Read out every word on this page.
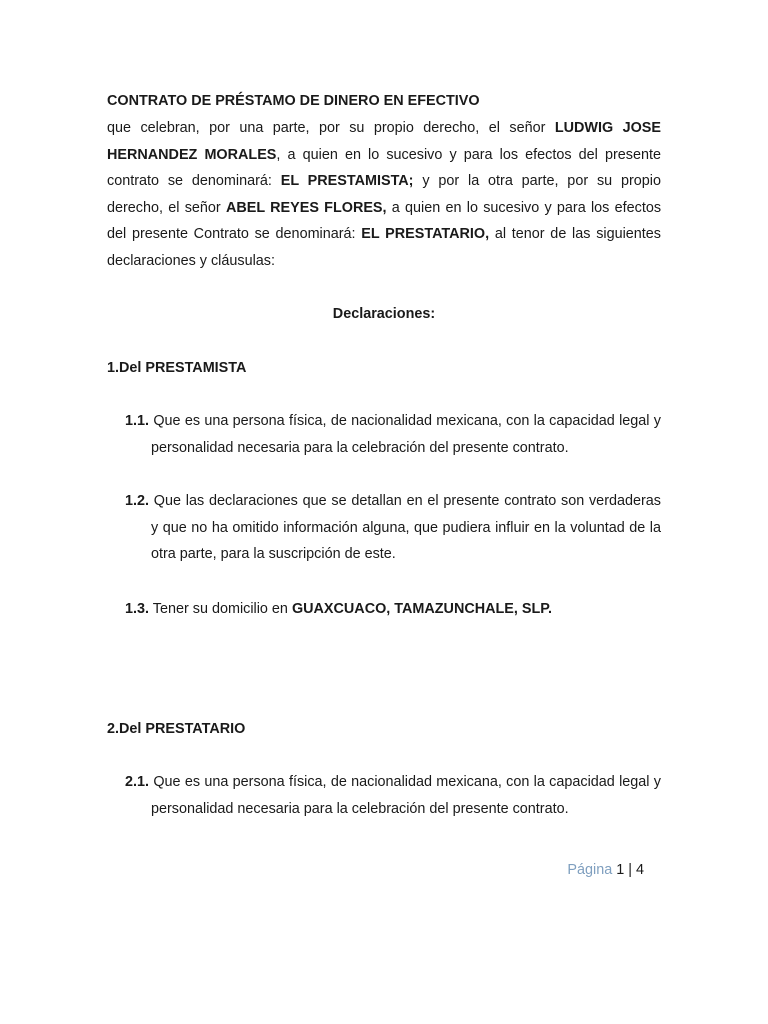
CONTRATO DE PRÉSTAMO DE DINERO EN EFECTIVO

que celebran, por una parte, por su propio derecho, el señor LUDWIG JOSE HERNANDEZ MORALES, a quien en lo sucesivo y para los efectos del presente contrato se denominará: EL PRESTAMISTA; y por la otra parte, por su propio derecho, el señor ABEL REYES FLORES, a quien en lo sucesivo y para los efectos del presente Contrato se denominará: EL PRESTATARIO, al tenor de las siguientes declaraciones y cláusulas:

Declaraciones:
1.Del PRESTAMISTA

1.1. Que es una persona física, de nacionalidad mexicana, con la capacidad legal y personalidad necesaria para la celebración del presente contrato.

1.2. Que las declaraciones que se detallan en el presente contrato son verdaderas y que no ha omitido información alguna, que pudiera influir en la voluntad de la otra parte, para la suscripción de este.

1.3. Tener su domicilio en GUAXCUACO, TAMAZUNCHALE, SLP.

2.Del PRESTATARIO

2.1. Que es una persona física, de nacionalidad mexicana, con la capacidad legal y personalidad necesaria para la celebración del presente contrato.

Página 1 | 4
